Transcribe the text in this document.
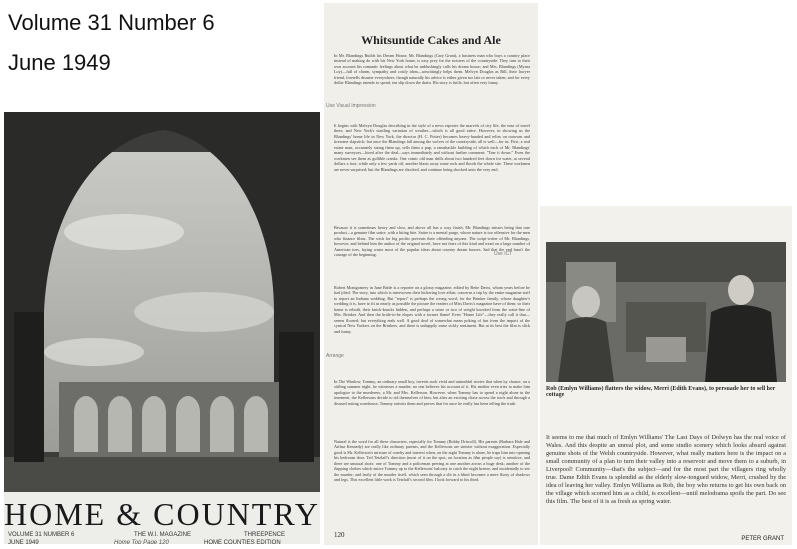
Volume 31 Number 6
June 1949
HOME & COUNTRY
VOLUME 31 NUMBER 6
JUNE 1949
THE W.I. MAGAZINE	THREEPENCE
HOME COUNTIES EDITION
Home Top Page 120
Whitsuntide Cakes and Ale

In Mr. Blandings Builds his Dream House, Mr. Blandings (Cary Grant), a business man who buys a country place instead of making do with his New York home, is easy prey for the twisters of the countryside. They turn to their own account his romantic feelings about what he unblushingly calls his dream house; and Mrs. Blandings (Myrna Loy)—full of charm, sympathy and costly ideas—unwittingly helps them. Melvyn Douglas as Bill, their lawyer friend, foretells disaster everywhere, though naturally his advice is either given too late or never taken; and for every dollar Blandings intends to spend, ten slip down the drain. His story is futile, but often very funny.

It begins with Melvyn Douglas describing in the style of a news reporter the marvels of city life, the ease of travel there, and New York's startling variation of weather—which is all good satire. However, in showing us the Blandings' home life in New York, the director (H. C. Potter) becomes heavy-handed and relies on outworn and tiresome slapstick; but once the Blandings fall among the wolves of the countryside, all is well—for us. First, a real estate man, accurately sizing them up, sells them a pup, a ramshackle building of which each of Mr. Blandings' many surveyors—hired after the deal—says immediately and without further comment: "Tear it down." Even the workmen see them as gullible cranks. One comic old man drills about two hundred feet down for water, at several dollars a foot; while only a few yards off, another blasts away some rock and floods the whole site. These workmen are never surprised; but the Blandings are shocked, and continue being shocked unto the very end.

Because it is sometimes heavy and slow, and above all has a cosy finish, Mr. Blandings misses being that rare product—a genuine film satire, with a biting bite. Satire is a mental purge, whose nature is too offensive for the men who finance films. The wish for big profits prevents their offending anyone. The script-writer of Mr. Blandings, however, and behind him the author of the original novel, have not fears of this kind and tread on a large number of American toes, laying waste most of the popular ideas about country dream houses. Sad that the end hasn't the courage of the beginning.

Robert Montgomery in June Bride is a reporter on a glossy magazine, edited by Bette Davis, whom years before he had jilted. The story, into which is interwoven their bickering love affair, concerns a trip by the entire magazine staff to report an Indiana wedding. But "report" is perhaps the wrong word; for the Brinker family, whose daughter's wedding it is, have to fit as nearly as possible the picture the readers of Miss Davis's magazine have of them; so their home is rebuilt, their knick-knacks hidden, and perhaps a stone or two of weight knocked from the waist-line of Mrs. Brinker. And then the bride-to-be elopes with a former flame! Even "Home Life"—they really call it that—seems floored; but everything ends well. A good deal of somewhat mean poking of fun from the impact of the cynical New Yorkers on the Brinkers, and there is unhappily some sickly sentiment. But at its best the film is slick and funny.

In The Window, Tommy, an ordinary small boy, invents such vivid and untruthful stories that when by chance, on a stifling summer night, he witnesses a murder, no one believes his account of it. His mother even tries to make him apologise to the murderers, a Mr. and Mrs. Kellerson. However, when Tommy has to spend a night alone in the tenement, the Kellersons decide to rid themselves of him; but after an exciting chase across the roofs and through a disused rotting warehouse, Tommy outwits them and proves that for once he really has been telling the truth.

Natural is the word for all these characters, especially for Tommy (Bobby Driscoll). His parents (Barbara Hale and Arthur Kennedy) are really like ordinary parents, and the Kellersons are sinister without exaggeration. Especially good is Mr. Kellerson's mixture of cruelty and interest when, on the night Tommy is alone, he traps him into opening his bedroom door. Ted Tetzlaff's direction (most of it on the spot, on location as film people say) is sensitive, and there are unusual shots: one of Tommy and a policeman peering at one another across a huge desk; another of the flapping clothes which entice Tommy up to the Kellersons' balcony to catch the night breeze, and incidentally to see the murder; and lastly of the murder itself, which seen through a slit in a blind becomes a mere flurry of shadows and legs. This excellent little work is Tetzlaff's second film. I look forward to his third.

Use Visual Impression
Use ICT
Arrange
120

Rob (Emlyn Williams) flatters the widow, Merri (Edith Evans), to persuade her to sell her cottage

It seems to me that much of Emlyn Williams' The Last Days of Dolwyn has the real voice of Wales. And this despite an unreal plot, and some studio scenery which looks absurd against genuine shots of the Welsh countryside. However, what really matters here is the impact on a small community of a plan to turn their valley into a reservoir and move them to a suburb, in Liverpool! Community—that's the subject—and for the most part the villagers ring wholly true. Dame Edith Evans is splendid as the elderly slow-tongued widow, Merri, crushed by the idea of leaving her valley. Emlyn Williams as Rob, the boy who returns to get his own back on the village which scorned him as a child, is excellent—until melodrama spoils the part. Do see this film. The best of it is as fresh as spring water.

PETER GRANT
